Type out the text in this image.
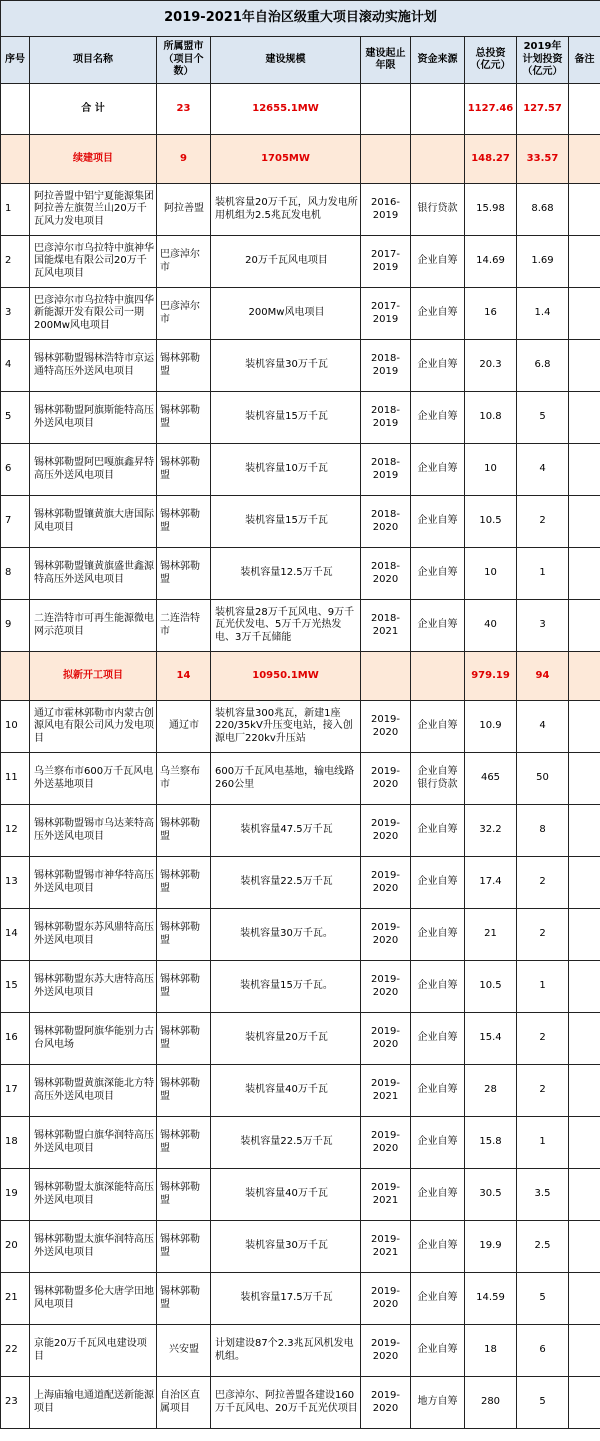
2019-2021年自治区级重大项目滚动实施计划								
序号	项目名称	所属盟市（项目个数）	建设规模	建设起止年限	资金来源	总投资（亿元）	2019年计划投资（亿元）	备注
	合 计	23	12655.1MW			1127.46	127.57	
	续建项目	9	1705MW			148.27	33.57	
1	阿拉善盟中铝宁夏能源集团阿拉善左旗贺兰山20万千瓦风力发电项目	阿拉善盟	装机容量20万千瓦，风力发电所用机组为2.5兆瓦发电机	2016-2019	银行贷款	15.98	8.68	
2	巴彦淖尔市乌拉特中旗神华国能煤电有限公司20万千瓦风电项目	巴彦淖尔市	20万千瓦风电项目	2017-2019	企业自筹	14.69	1.69	
3	巴彦淖尔市乌拉特中旗四华新能源开发有限公司一期200Mw风电项目	巴彦淖尔市	200Mw风电项目	2017-2019	企业自筹	16	1.4	
4	锡林郭勒盟锡林浩特市京运通特高压外送风电项目	锡林郭勒盟	装机容量30万千瓦	2018-2019	企业自筹	20.3	6.8	
5	锡林郭勒盟阿旗斯能特高压外送风电项目	锡林郭勒盟	装机容量15万千瓦	2018-2019	企业自筹	10.8	5	
6	锡林郭勒盟阿巴嘎旗鑫昇特高压外送风电项目	锡林郭勒盟	装机容量10万千瓦	2018-2019	企业自筹	10	4	
7	锡林郭勒盟镶黄旗大唐国际风电项目	锡林郭勒盟	装机容量15万千瓦	2018-2020	企业自筹	10.5	2	
8	锡林郭勒盟镶黄旗盛世鑫源特高压外送风电项目	锡林郭勒盟	装机容量12.5万千瓦	2018-2020	企业自筹	10	1	
9	二连浩特市可再生能源微电网示范项目	二连浩特市	装机容量28万千瓦风电、9万千瓦光伏发电、5万千万光热发电、3万千瓦储能	2018-2021	企业自筹	40	3	
	拟新开工项目	14	10950.1MW			979.19	94	
10	通辽市霍林郭勒市内蒙古创源风电有限公司风力发电项目	通辽市	装机容量300兆瓦，新建1座220/35kV升压变电站，接入创源电厂220kv升压站	2019-2020	企业自筹	10.9	4	
11	乌兰察布市600万千瓦风电外送基地项目	乌兰察布市	600万千瓦风电基地，输电线路260公里	2019-2020	企业自筹银行贷款	465	50	
12	锡林郭勒盟锡市乌达莱特高压外送风电项目	锡林郭勒盟	装机容量47.5万千瓦	2019-2020	企业自筹	32.2	8	
13	锡林郭勒盟锡市神华特高压外送风电项目	锡林郭勒盟	装机容量22.5万千瓦	2019-2020	企业自筹	17.4	2	
14	锡林郭勒盟东苏风鼎特高压外送风电项目	锡林郭勒盟	装机容量30万千瓦。	2019-2020	企业自筹	21	2	
15	锡林郭勒盟东苏大唐特高压外送风电项目	锡林郭勒盟	装机容量15万千瓦。	2019-2020	企业自筹	10.5	1	
16	锡林郭勒盟阿旗华能别力古台风电场	锡林郭勒盟	装机容量20万千瓦	2019-2020	企业自筹	15.4	2	
17	锡林郭勒盟黄旗深能北方特高压外送风电项目	锡林郭勒盟	装机容量40万千瓦	2019-2021	企业自筹	28	2	
18	锡林郭勒盟白旗华润特高压外送风电项目	锡林郭勒盟	装机容量22.5万千瓦	2019-2020	企业自筹	15.8	1	
19	锡林郭勒盟太旗深能特高压外送风电项目	锡林郭勒盟	装机容量40万千瓦	2019-2021	企业自筹	30.5	3.5	
20	锡林郭勒盟太旗华润特高压外送风电项目	锡林郭勒盟	装机容量30万千瓦	2019-2021	企业自筹	19.9	2.5	
21	锡林郭勒盟多伦大唐学田地风电项目	锡林郭勒盟	装机容量17.5万千瓦	2019-2020	企业自筹	14.59	5	
22	京能20万千瓦风电建设项目	兴安盟	计划建设87个2.3兆瓦风机发电机组。	2019-2020	企业自筹	18	6	
23	上海庙输电通道配送新能源项目	自治区直属项目	巴彦淖尔、阿拉善盟各建设160万千瓦风电、20万千瓦光伏项目	2019-2020	地方自筹	280	5	
